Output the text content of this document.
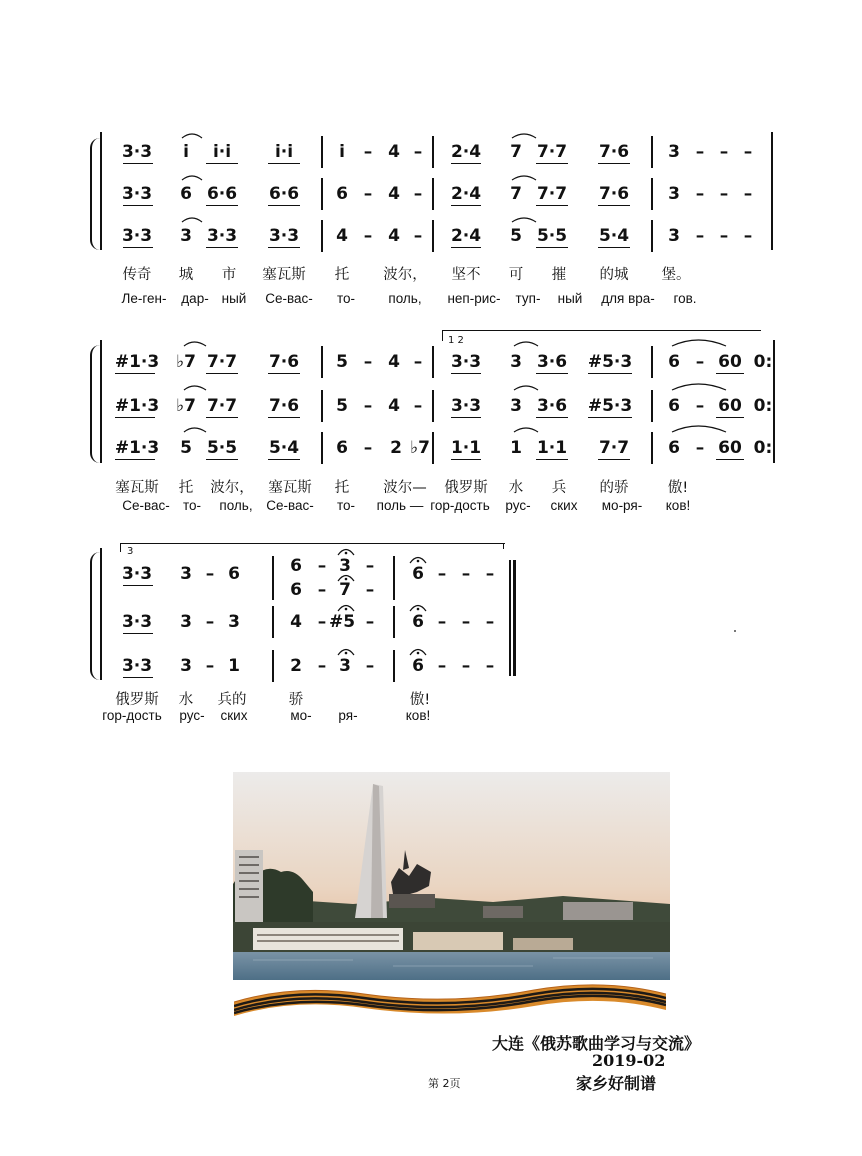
3·3 i i·i	i·i	i – 4 – 2·4 7 7·7 7·6 3 – – –
3·3 6 6·6 6·6 6 – 4 – 2·4 7 7·7 7·6 3 – – –
3·3 3 3·3 3·3 4 – 4 – 2·4 5 5·5 5·4 3 – – –
传奇 城 市 塞瓦斯 托 波尔， 坚不 可 摧 的城 堡。
Ле-ген- дар- ный Се-вас- то- поль, неп-рис- туп- ный для вра- гов.
1 2
#1·3 ♭7 7·7 7·6 5 – 4 – 3·3 3 3·6 #5·3 6 – 60 0:
#1·3 ♭7 7·7 7·6 5 – 4 – 3·3 3 3·6 #5·3 6 – 60 0:
#1·3 5 5·5 5·4 6 – 2 ♭7 1·1 1 1·1 7·7 6 – 60 0:
塞瓦斯 托 波尔， 塞瓦斯 托 波尔— 俄罗斯 水 兵 的骄	傲!
Се-вас- то- поль, Се-вас- то- поль — гор-дость рус- ских мо-ря- ков!
3
3·3 3 – 6	6 – 3 – 6 – – –
6 – 7 –
3·3 3 – 3	4 – #5 – 6 – – –
3·3 3 – 1	2 – 3 – 6 – – –
俄罗斯 水 兵的	骄	傲!
гор-дость рус- ских	мо- ря-	ков!
大连《俄苏歌曲学习与交流》
2019-02
家乡好制谱
第 2页
